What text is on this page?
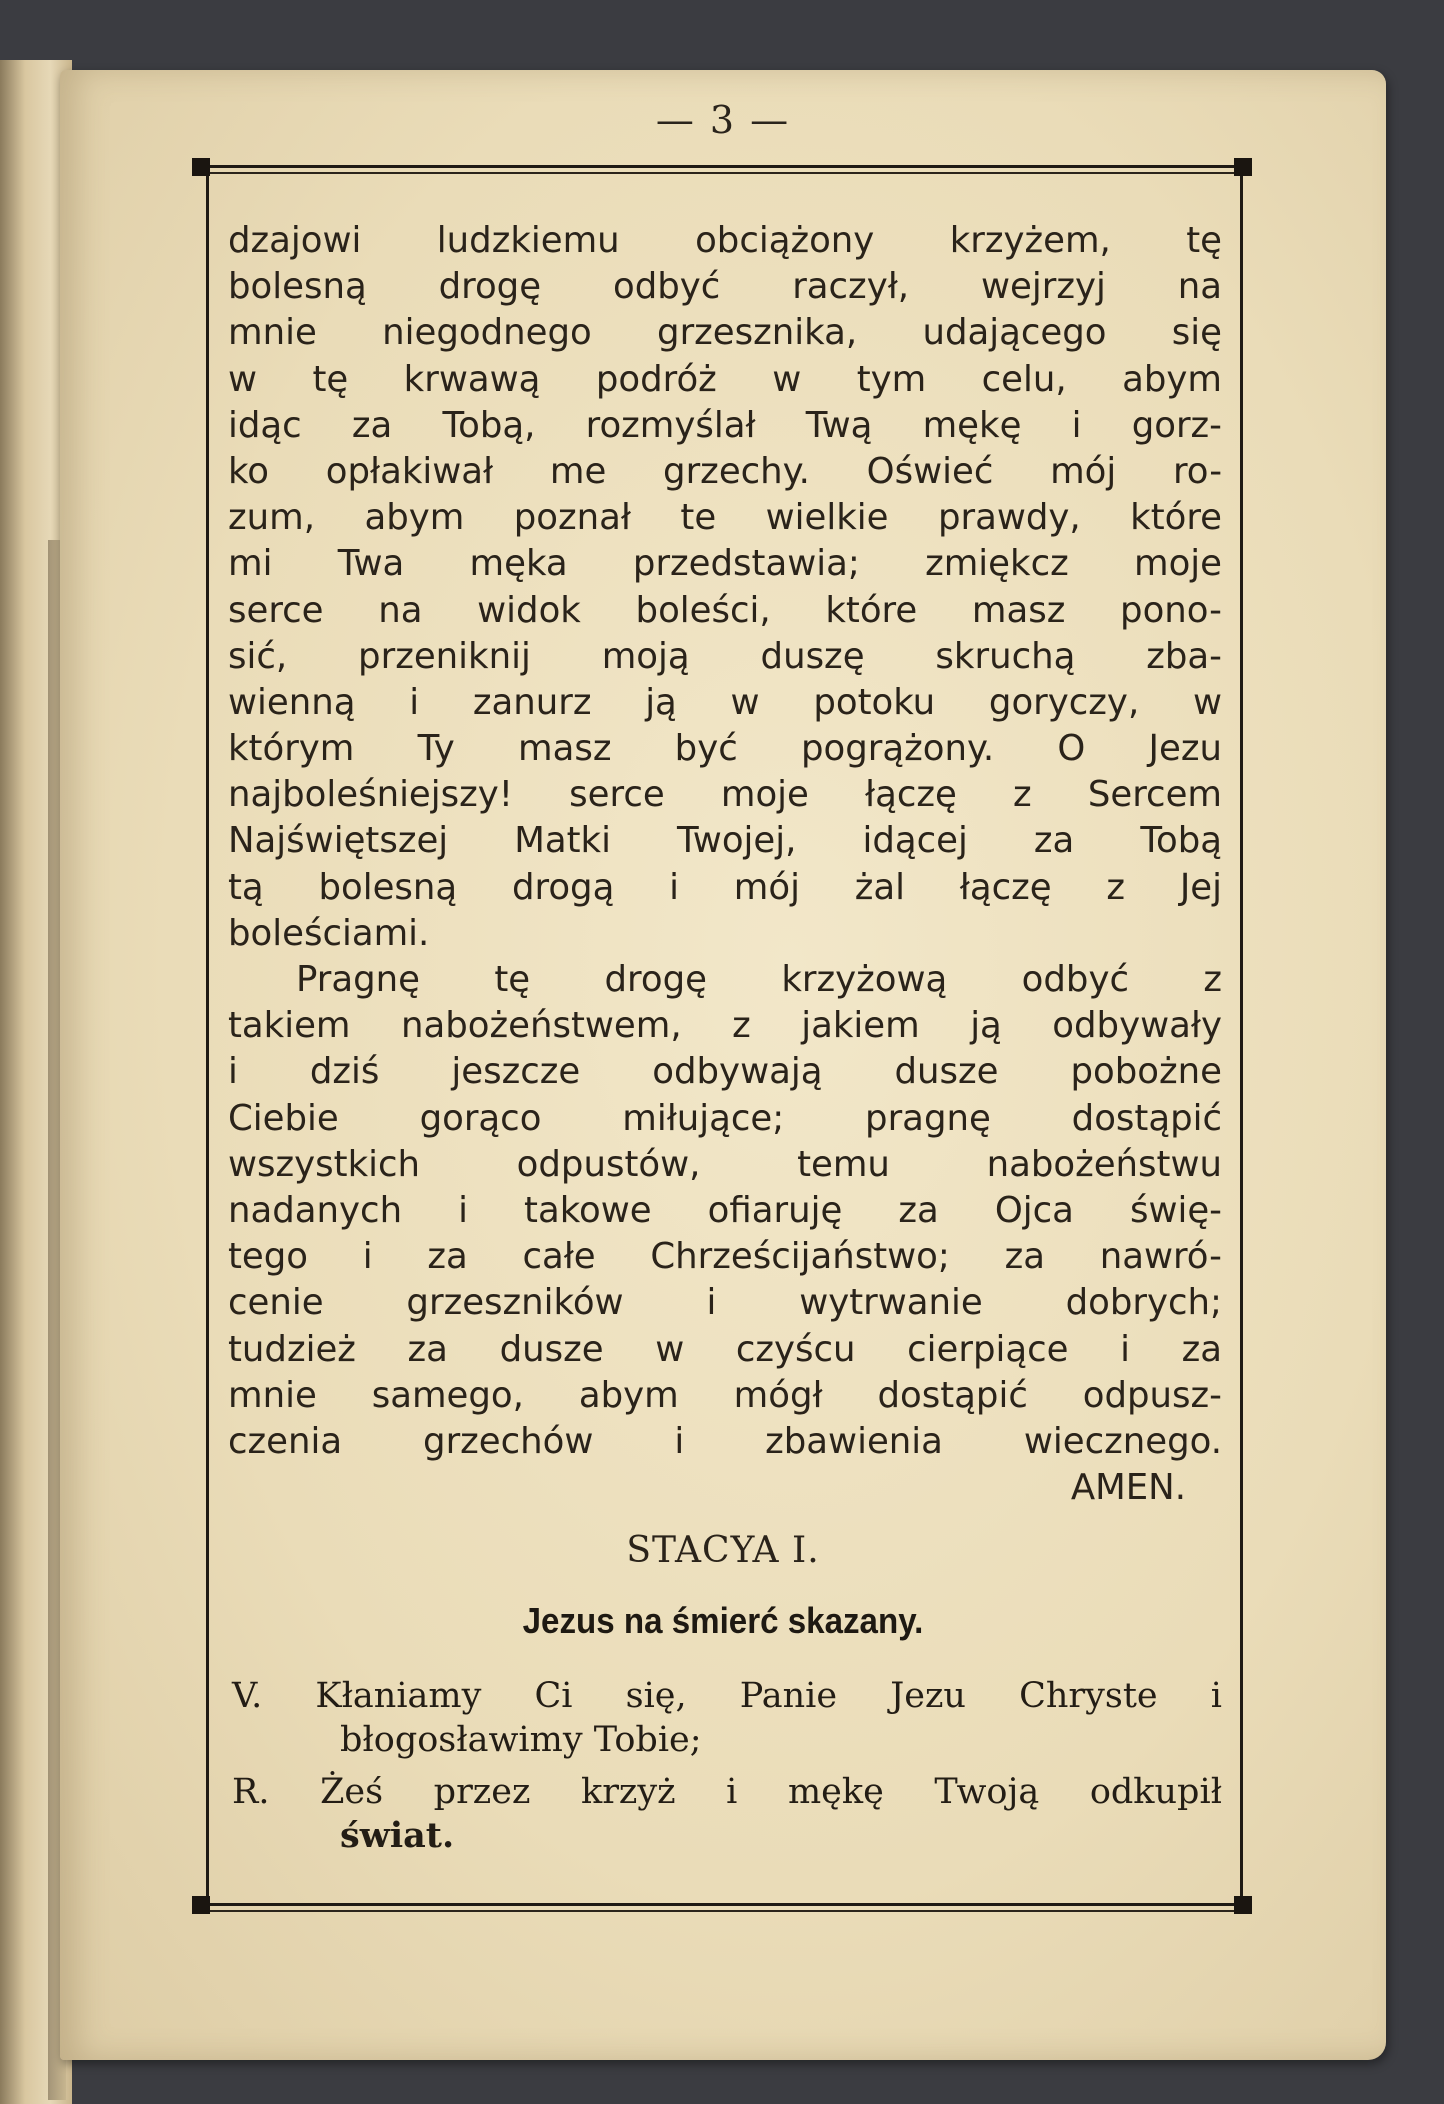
— 3 —
dzajowi ludzkiemu obciążony krzyżem, tę
bolesną drogę odbyć raczył, wejrzyj na
mnie niegodnego grzesznika, udającego się
w tę krwawą podróż w tym celu, abym
idąc za Tobą, rozmyślał Twą mękę i gorz-
ko opłakiwał me grzechy. Oświeć mój ro-
zum, abym poznał te wielkie prawdy, które
mi Twa męka przedstawia; zmiękcz moje
serce na widok boleści, które masz pono-
sić, przeniknij moją duszę skruchą zba-
wienną i zanurz ją w potoku goryczy, w
którym Ty masz być pogrążony. O Jezu
najboleśniejszy! serce moje łączę z Sercem
Najświętszej Matki Twojej, idącej za Tobą
tą bolesną drogą i mój żal łączę z Jej
boleściami.
Pragnę tę drogę krzyżową odbyć z
takiem nabożeństwem, z jakiem ją odbywały
i dziś jeszcze odbywają dusze pobożne
Ciebie gorąco miłujące; pragnę dostąpić
wszystkich odpustów, temu nabożeństwu
nadanych i takowe ofiaruję za Ojca świę-
tego i za całe Chrześcijaństwo; za nawró-
cenie grzeszników i wytrwanie dobrych;
tudzież za dusze w czyścu cierpiące i za
mnie samego, abym mógł dostąpić odpusz-
czenia grzechów i zbawienia wiecznego.
AMEN.
STACYA I.
Jezus na śmierć skazany.
V. Kłaniamy Ci się, Panie Jezu Chryste i
błogosławimy Tobie;
R. Żeś przez krzyż i mękę Twoją odkupił
świat.
